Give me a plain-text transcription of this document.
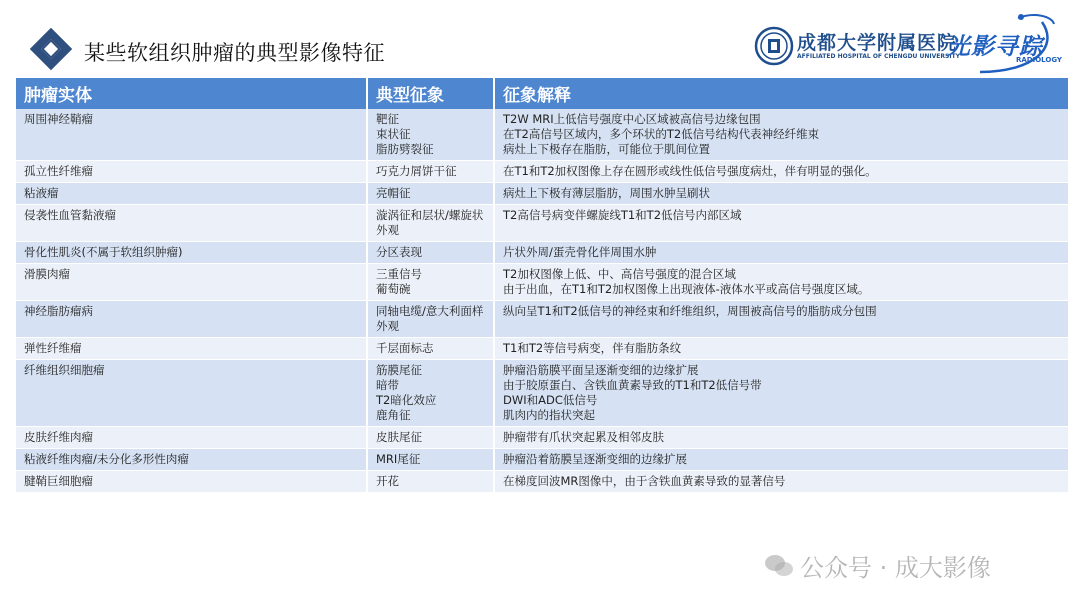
某些软组织肿瘤的典型影像特征	成都大学附属医院
AFFILIATED HOSPITAL OF CHENGDU UNIVERSITY
光影寻踪
RADIOLOGY
肿瘤实体	典型征象	征象解释

周围神经鞘瘤	靶征
束状征
脂肪劈裂征	T2W MRI上低信号强度中心区域被高信号边缘包围
在T2高信号区域内，多个环状的T2低信号结构代表神经纤维束
病灶上下极存在脂肪，可能位于肌间位置

孤立性纤维瘤	巧克力屑饼干征	在T1和T2加权图像上存在圆形或线性低信号强度病灶，伴有明显的强化。

粘液瘤	亮帽征	病灶上下极有薄层脂肪，周围水肿呈刷状

侵袭性血管黏液瘤	漩涡征和层状/螺旋状外观	T2高信号病变伴螺旋线T1和T2低信号内部区域

骨化性肌炎(不属于软组织肿瘤)	分区表现	片状外周/蛋壳骨化伴周围水肿

滑膜肉瘤	三重信号
葡萄碗	T2加权图像上低、中、高信号强度的混合区域
由于出血，在T1和T2加权图像上出现液体-液体水平或高信号强度区域。

神经脂肪瘤病	同轴电缆/意大利面样外观	纵向呈T1和T2低信号的神经束和纤维组织，周围被高信号的脂肪成分包围

弹性纤维瘤	千层面标志	T1和T2等信号病变，伴有脂肪条纹

纤维组织细胞瘤	筋膜尾征
暗带
T2暗化效应
鹿角征	肿瘤沿筋膜平面呈逐渐变细的边缘扩展
由于胶原蛋白、含铁血黄素导致的T1和T2低信号带
DWI和ADC低信号
肌肉内的指状突起

皮肤纤维肉瘤	皮肤尾征	肿瘤带有爪状突起累及相邻皮肤

粘液纤维肉瘤/未分化多形性肉瘤	MRI尾征	肿瘤沿着筋膜呈逐渐变细的边缘扩展

腱鞘巨细胞瘤	开花	在梯度回波MR图像中，由于含铁血黄素导致的显著信号
公众号 · 成大影像
